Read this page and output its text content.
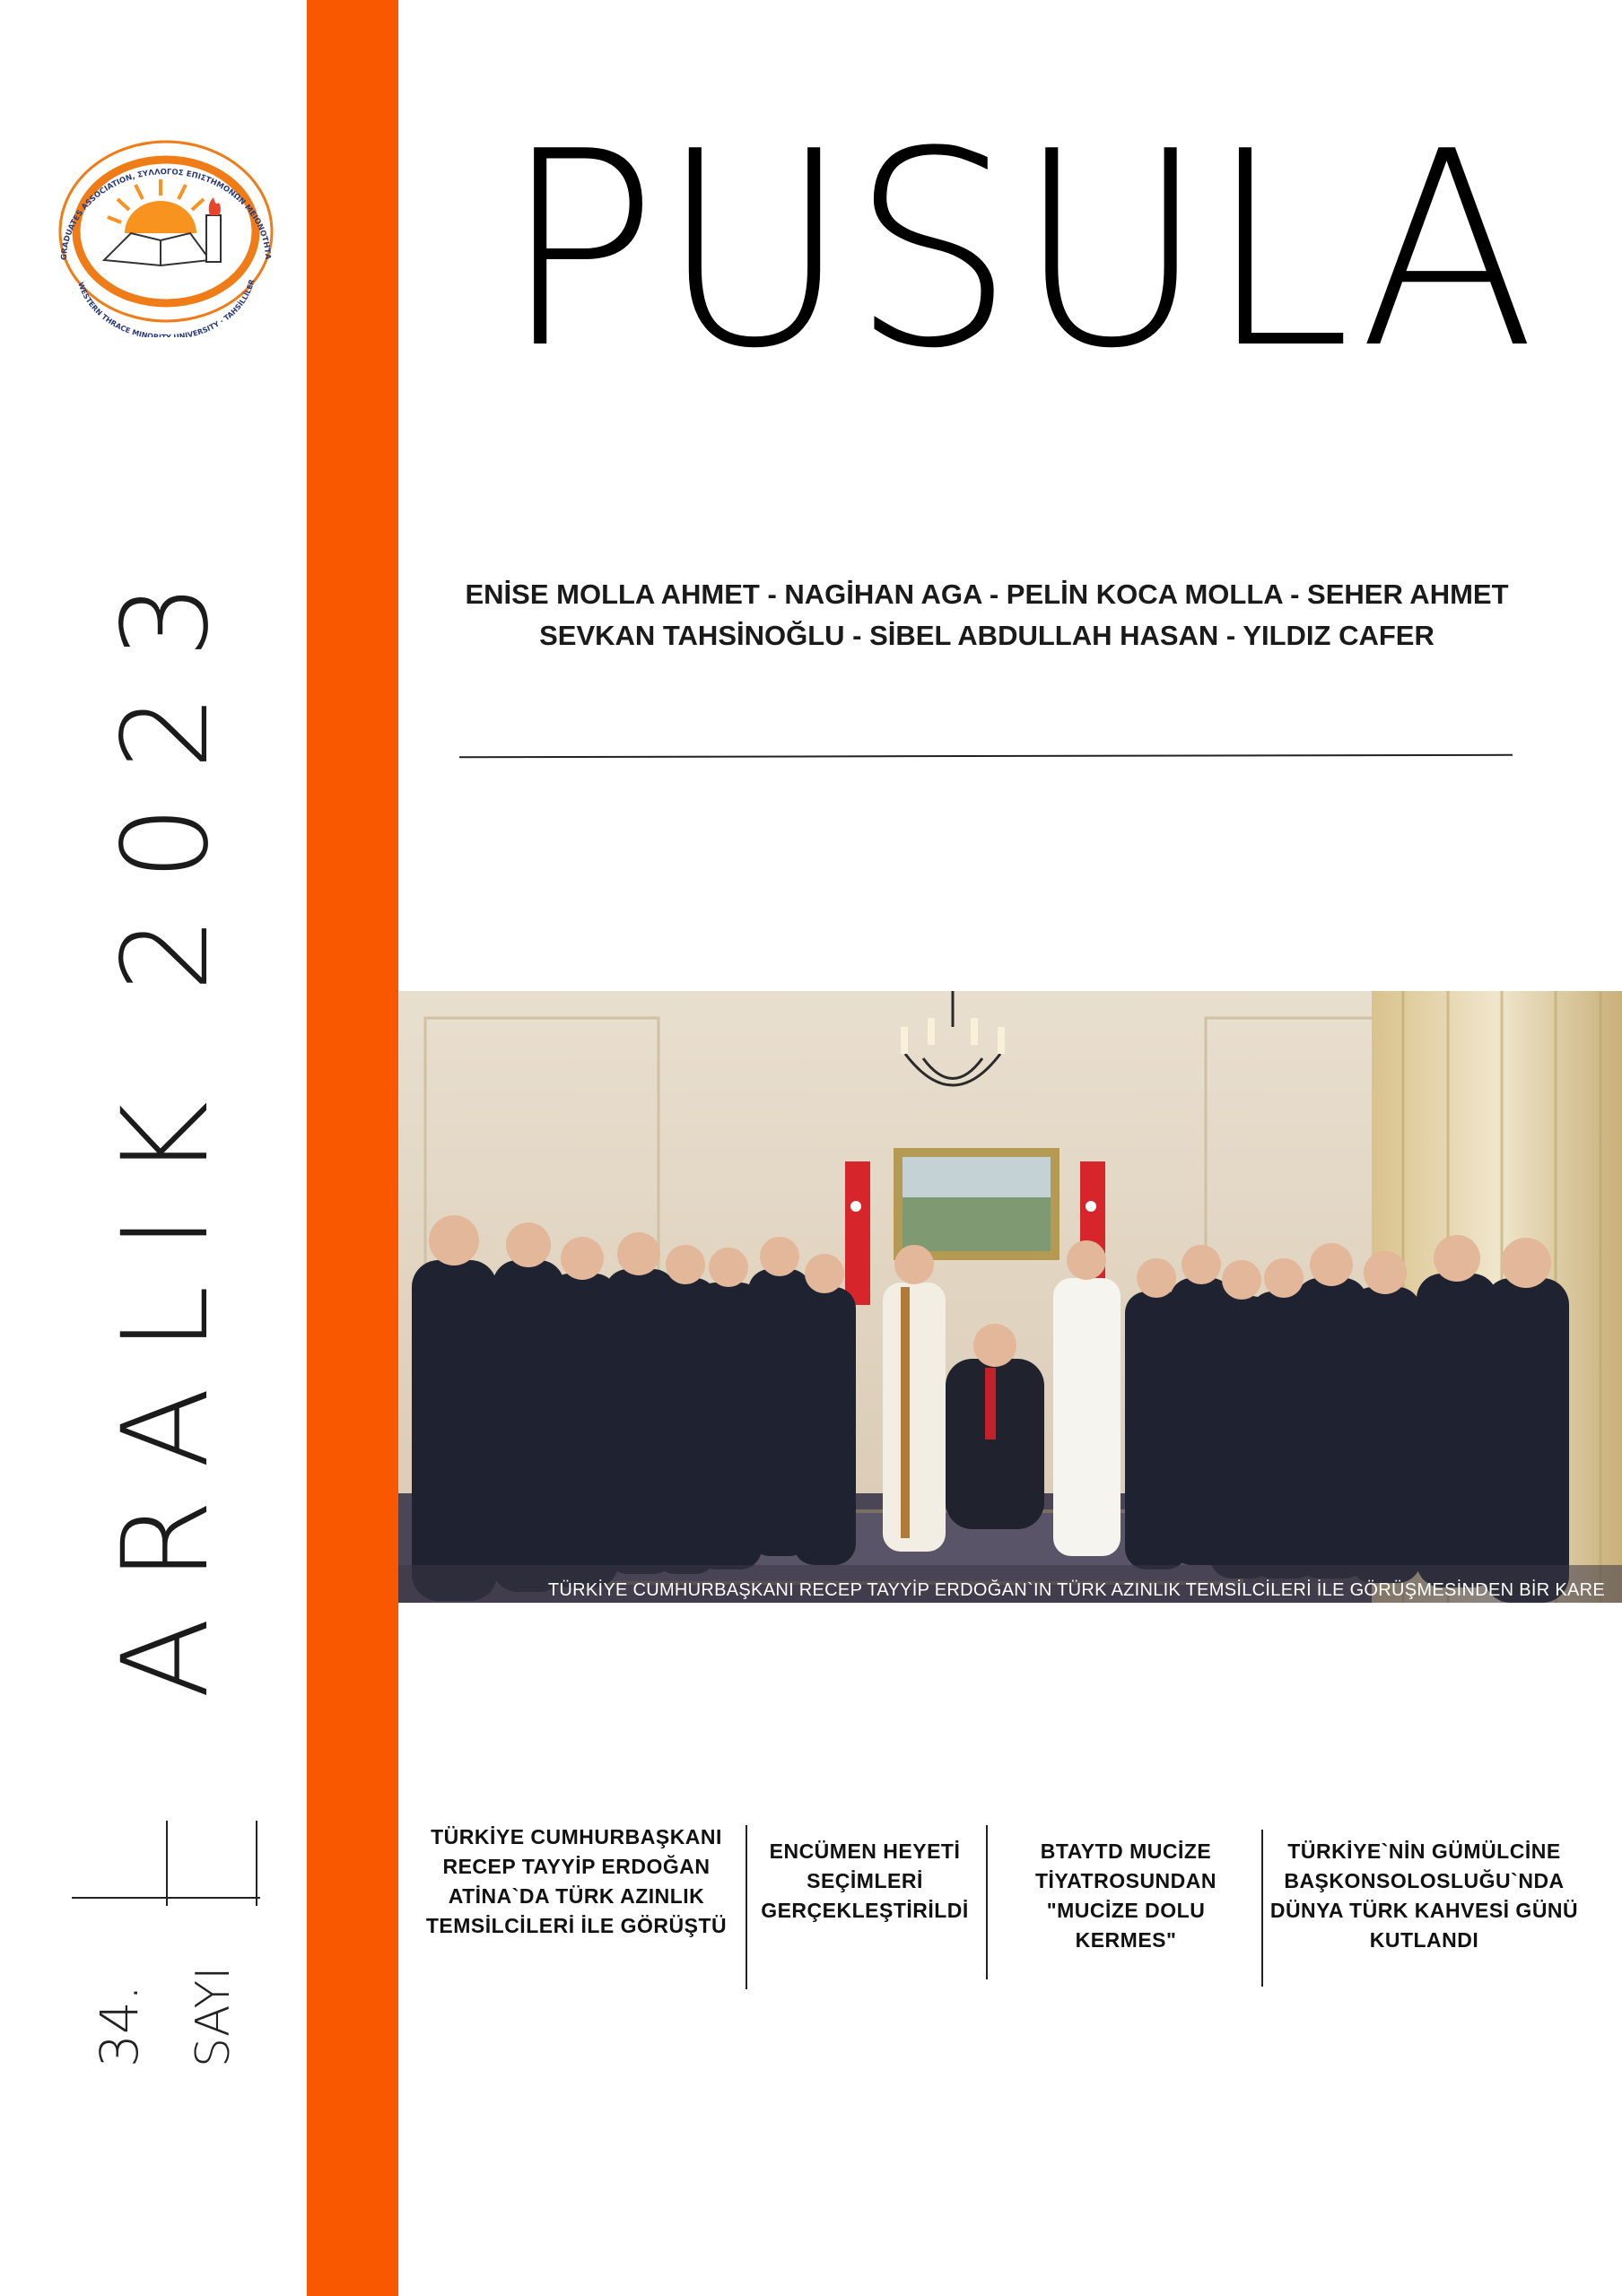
GRADUATES ASSOCIATION, ΣΥΛΛΟΓΟΣ ΕΠΙΣΤΗΜΟΝΩΝ ΜΕΙΟΝΟΤΗΤΑ
WESTERN THRACE MINOR UNIVERSITY · TAHSİLLİLER PUSULA
ARALIK 2023
34. SAYI
ENİSE MOLLA AHMET - NAGİHAN AGA - PELİN KOCA MOLLA - SEHER AHMET
SEVKAN TAHSİNOĞLU - SİBEL ABDULLAH HASAN - YILDIZ CAFER
TÜRKİYE CUMHURBAŞKANI RECEP TAYYİP ERDOĞAN`IN TÜRK AZINLIK TEMSİLCİLERİ İLE GÖRÜŞMESİNDEN BİR KARE
TÜRKİYE CUMHURBAŞKANI RECEP TAYYİP ERDOĞAN ATİNA`DA TÜRK AZINLIK TEMSİLCİLERİ İLE GÖRÜŞTÜ
ENCÜMEN HEYETİ SEÇİMLERİ GERÇEKLEŞTİRİLDİ
BTAYTD MUCİZE TİYATROSUNDAN "MUCİZE DOLU KERMES"
TÜRKİYE`NİN GÜMÜLCİNE BAŞKONSOLOSLUĞU`NDA DÜNYA TÜRK KAHVESİ GÜNÜ KUTLANDI
